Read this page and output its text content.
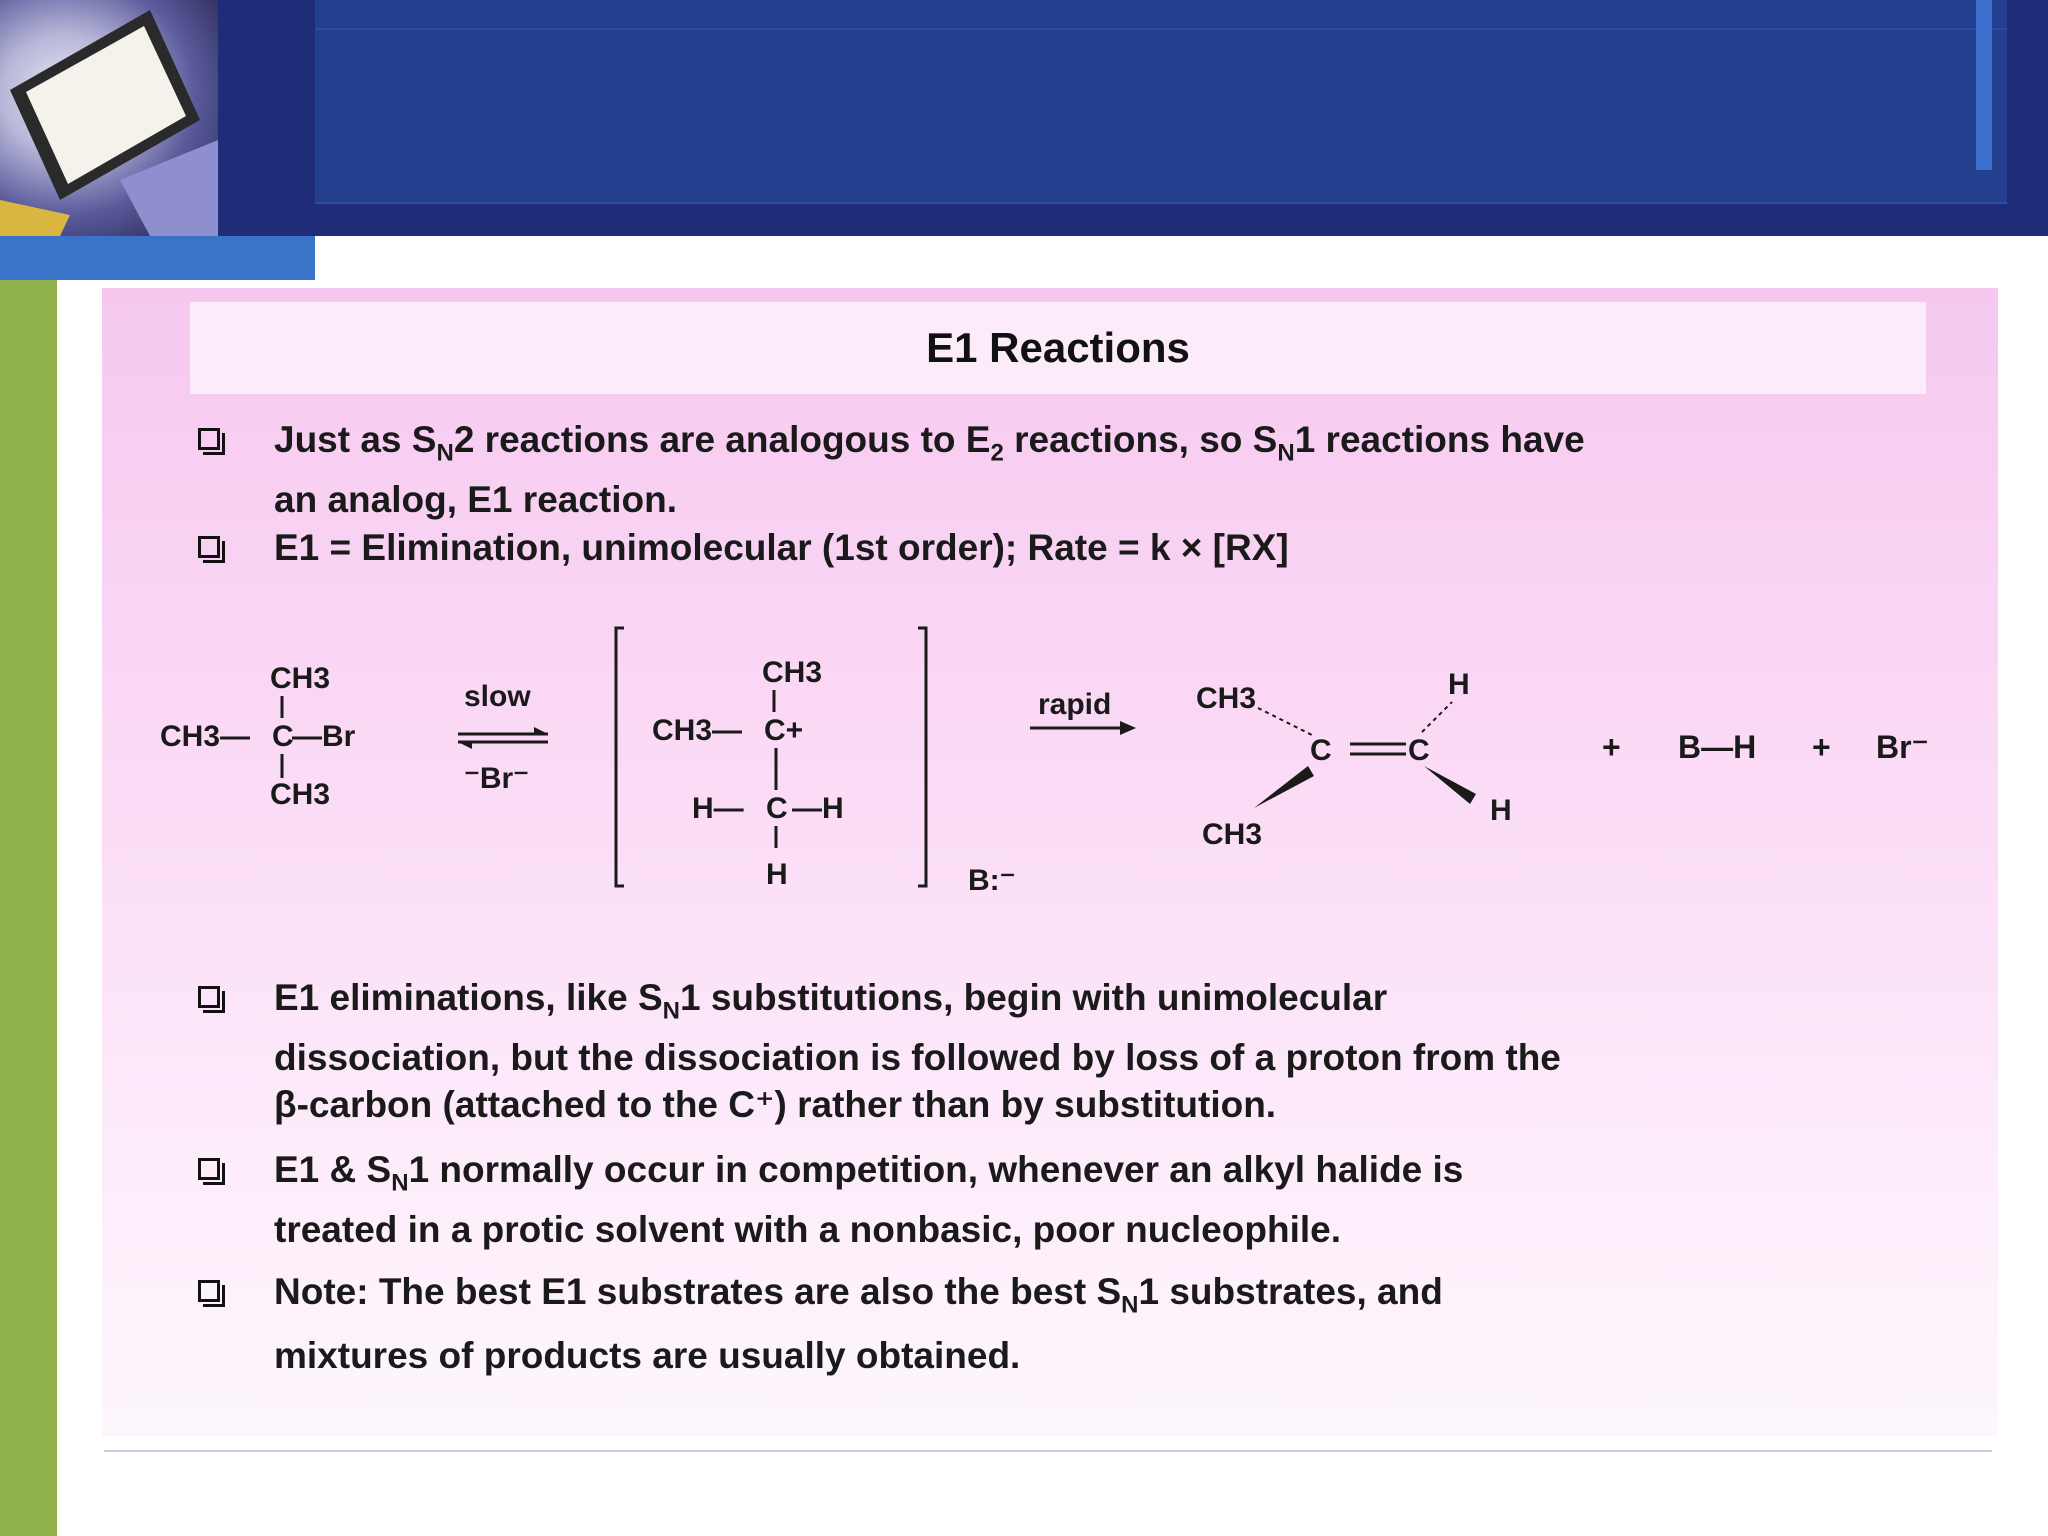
E1 Reactions
Just as $S_N2$ reactions are analogous to $E_2$ reactions, so $S_N1$ reactions have
an analog, E1 reaction.
E1 = Elimination, unimolecular (1st order); Rate = k × [RX]
CH3
CH3— C
—Br
CH3
slow
⁻Br⁻
CH3
CH3— C+
H— C —H
H	B:⁻
rapid	CH3
C	C
CH3
H
H
+ B—H + Br⁻
E1 eliminations, like $S_N1$ substitutions, begin with unimolecular
dissociation, but the dissociation is followed by loss of a proton from the
β-carbon (attached to the C⁺) rather than by substitution.
E1 & $S_N1$ normally occur in competition, whenever an alkyl halide is
treated in a protic solvent with a nonbasic, poor nucleophile.
Note: The best E1 substrates are also the best $S_N1$ substrates, and
mixtures of products are usually obtained.
